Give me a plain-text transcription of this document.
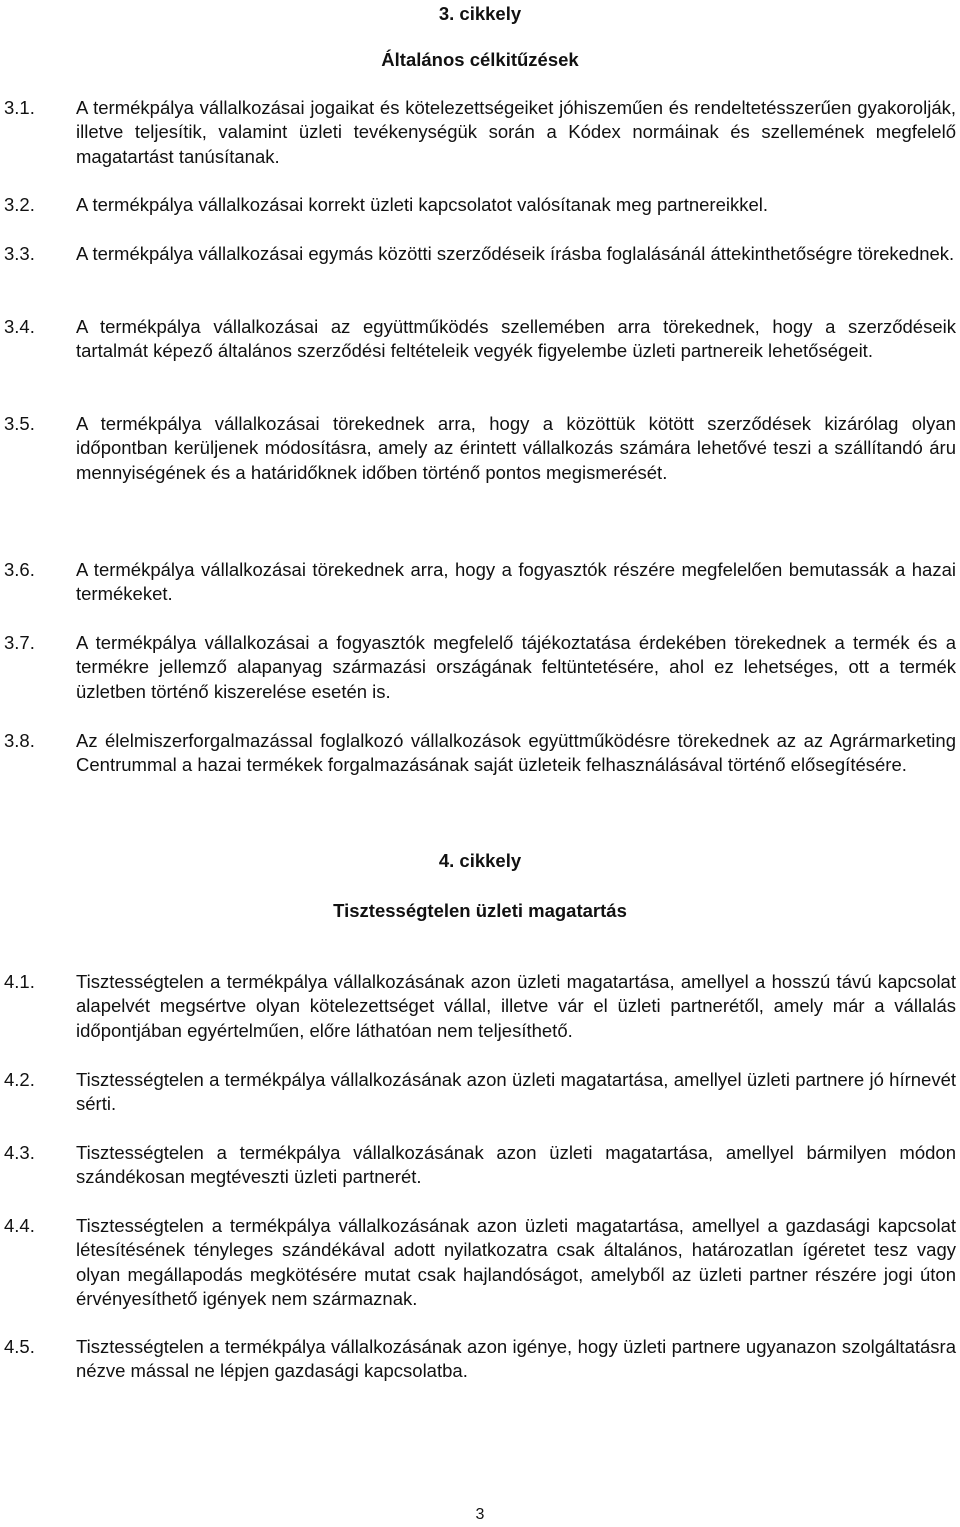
3. cikkely
Általános célkitűzések
3.1. A termékpálya vállalkozásai jogaikat és kötelezettségeiket jóhiszeműen és rendeltetésszerűen gyakorolják, illetve teljesítik, valamint üzleti tevékenységük során a Kódex normáinak és szellemének megfelelő magatartást tanúsítanak.
3.2. A termékpálya vállalkozásai korrekt üzleti kapcsolatot valósítanak meg partnereikkel.
3.3. A termékpálya vállalkozásai egymás közötti szerződéseik írásba foglalásánál áttekinthetőségre törekednek.
3.4. A termékpálya vállalkozásai az együttműködés szellemében arra törekednek, hogy a szerződéseik tartalmát képező általános szerződési feltételeik vegyék figyelembe üzleti partnereik lehetőségeit.
3.5. A termékpálya vállalkozásai törekednek arra, hogy a közöttük kötött szerződések kizárólag olyan időpontban kerüljenek módosításra, amely az érintett vállalkozás számára lehetővé teszi a szállítandó áru mennyiségének és a határidőknek időben történő pontos megismerését.
3.6. A termékpálya vállalkozásai törekednek arra, hogy a fogyasztók részére megfelelően bemutassák a hazai termékeket.
3.7. A termékpálya vállalkozásai a fogyasztók megfelelő tájékoztatása érdekében törekednek a termék és a termékre jellemző alapanyag származási országának feltüntetésére, ahol ez lehetséges, ott a termék üzletben történő kiszerelése esetén is.
3.8. Az élelmiszerforgalmazással foglalkozó vállalkozások együttműködésre törekednek az az Agrármarketing Centrummal a hazai termékek forgalmazásának saját üzleteik felhasználásával történő elősegítésére.
4. cikkely
Tisztességtelen üzleti magatartás
4.1. Tisztességtelen a termékpálya vállalkozásának azon üzleti magatartása, amellyel a hosszú távú kapcsolat alapelvét megsértve olyan kötelezettséget vállal, illetve vár el üzleti partnerétől, amely már a vállalás időpontjában egyértelműen, előre láthatóan nem teljesíthető.
4.2. Tisztességtelen a termékpálya vállalkozásának azon üzleti magatartása, amellyel üzleti partnere jó hírnevét sérti.
4.3. Tisztességtelen a termékpálya vállalkozásának azon üzleti magatartása, amellyel bármilyen módon szándékosan megtéveszti üzleti partnerét.
4.4. Tisztességtelen a termékpálya vállalkozásának azon üzleti magatartása, amellyel a gazdasági kapcsolat létesítésének tényleges szándékával adott nyilatkozatra csak általános, határozatlan ígéretet tesz vagy olyan megállapodás megkötésére mutat csak hajlandóságot, amelyből az üzleti partner részére jogi úton érvényesíthető igények nem származnak.
4.5. Tisztességtelen a termékpálya vállalkozásának azon igénye, hogy üzleti partnere ugyanazon szolgáltatásra nézve mással ne lépjen gazdasági kapcsolatba.
3
